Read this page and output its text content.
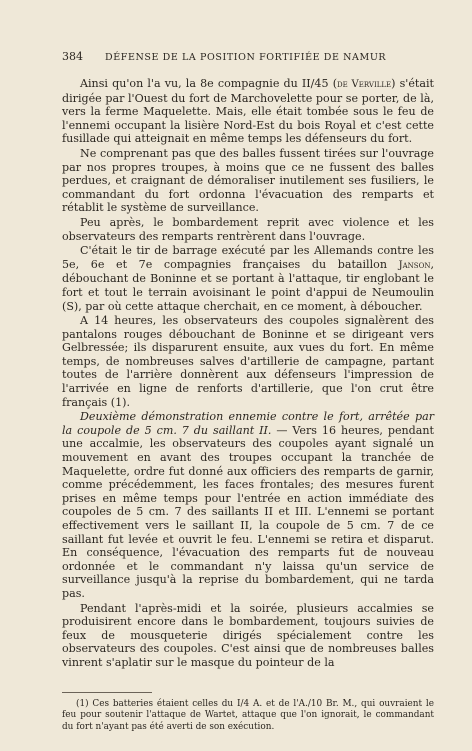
384 DÉFENSE DE LA POSITION FORTIFIÉE DE NAMUR

Ainsi qu'on l'a vu, la 8e compagnie du II/45 (de Verville) s'était dirigée par l'Ouest du fort de Marchovelette pour se porter, de là, vers la ferme Maquelette. Mais, elle était tombée sous le feu de l'ennemi occupant la lisière Nord-Est du bois Royal et c'est cette fusillade qui atteignait en même temps les défenseurs du fort.

Ne comprenant pas que des balles fussent tirées sur l'ouvrage par nos propres troupes, à moins que ce ne fussent des balles perdues, et craignant de démoraliser inutilement ses fusiliers, le commandant du fort ordonna l'évacuation des remparts et rétablit le système de surveillance.

Peu après, le bombardement reprit avec violence et les observateurs des remparts rentrèrent dans l'ouvrage.

C'était le tir de barrage exécuté par les Allemands contre les 5e, 6e et 7e compagnies françaises du bataillon Janson, débouchant de Boninne et se portant à l'attaque, tir englobant le fort et tout le terrain avoisinant le point d'appui de Neumoulin (S), par où cette attaque cherchait, en ce moment, à déboucher.

A 14 heures, les observateurs des coupoles signalèrent des pantalons rouges débouchant de Boninne et se dirigeant vers Gelbressée; ils disparurent ensuite, aux vues du fort. En même temps, de nombreuses salves d'artillerie de campagne, partant toutes de l'arrière donnèrent aux défenseurs l'impression de l'arrivée en ligne de renforts d'artillerie, que l'on crut être français (1).

Deuxième démonstration ennemie contre le fort, arrêtée par la coupole de 5 cm. 7 du saillant II. — Vers 16 heures, pendant une accalmie, les observateurs des coupoles ayant signalé un mouvement en avant des troupes occupant la tranchée de Maquelette, ordre fut donné aux officiers des remparts de garnir, comme précédemment, les faces frontales; des mesures furent prises en même temps pour l'entrée en action immédiate des coupoles de 5 cm. 7 des saillants II et III. L'ennemi se portant effectivement vers le saillant II, la coupole de 5 cm. 7 de ce saillant fut levée et ouvrit le feu. L'ennemi se retira et disparut. En conséquence, l'évacuation des remparts fut de nouveau ordonnée et le commandant n'y laissa qu'un service de surveillance jusqu'à la reprise du bombardement, qui ne tarda pas.

Pendant l'après-midi et la soirée, plusieurs accalmies se produisirent encore dans le bombardement, toujours suivies de feux de mousqueterie dirigés spécialement contre les observateurs des coupoles. C'est ainsi que de nombreuses balles vinrent s'aplatir sur le masque du pointeur de la

(1) Ces batteries étaient celles du I/4 A. et de l'A./10 Br. M., qui ouvraient le feu pour soutenir l'attaque de Wartet, attaque que l'on ignorait, le commandant du fort n'ayant pas été averti de son exécution.
